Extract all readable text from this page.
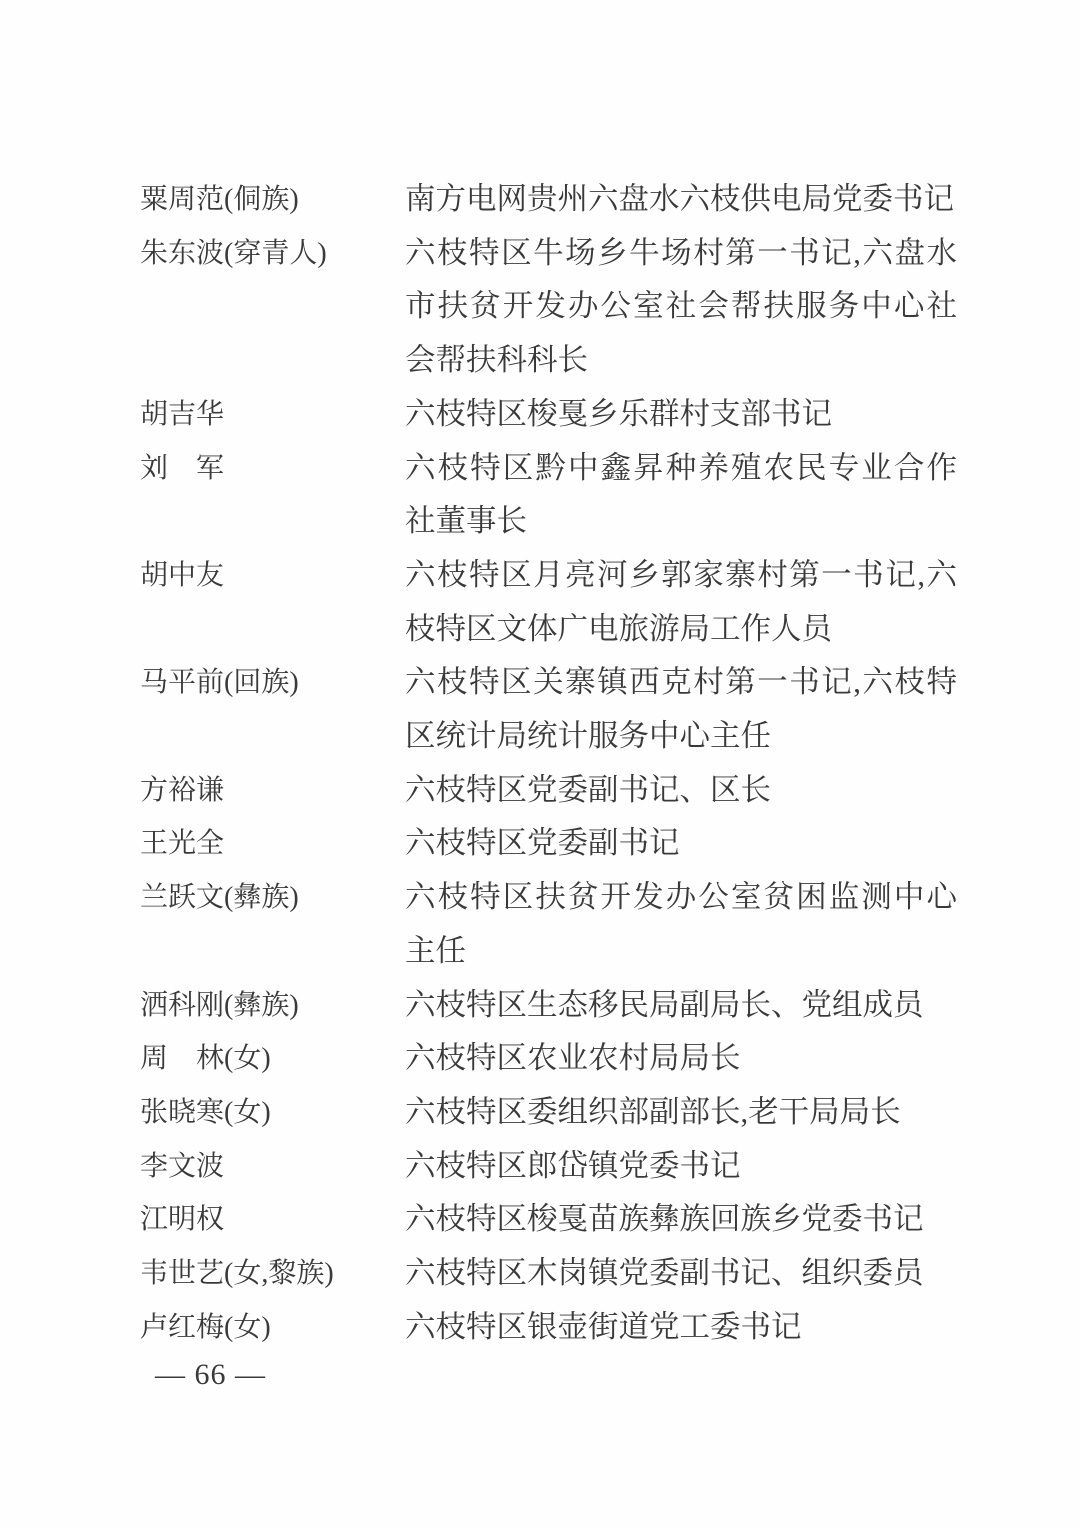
粟周范(侗族)	南方电网贵州六盘水六枝供电局党委书记
朱东波(穿青人)	六枝特区牛场乡牛场村第一书记,六盘水
市扶贫开发办公室社会帮扶服务中心社
会帮扶科科长
胡吉华	六枝特区梭戛乡乐群村支部书记
刘　军	六枝特区黔中鑫昇种养殖农民专业合作
社董事长
胡中友	六枝特区月亮河乡郭家寨村第一书记,六
枝特区文体广电旅游局工作人员
马平前(回族)	六枝特区关寨镇西克村第一书记,六枝特
区统计局统计服务中心主任
方裕谦	六枝特区党委副书记、区长
王光全	六枝特区党委副书记
兰跃文(彝族)	六枝特区扶贫开发办公室贫困监测中心
主任
洒科刚(彝族)	六枝特区生态移民局副局长、党组成员
周　林(女)	六枝特区农业农村局局长
张晓寒(女)	六枝特区委组织部副部长,老干局局长
李文波	六枝特区郎岱镇党委书记
江明权	六枝特区梭戛苗族彝族回族乡党委书记
韦世艺(女,黎族)	六枝特区木岗镇党委副书记、组织委员
卢红梅(女)	六枝特区银壶街道党工委书记
— 66 —
